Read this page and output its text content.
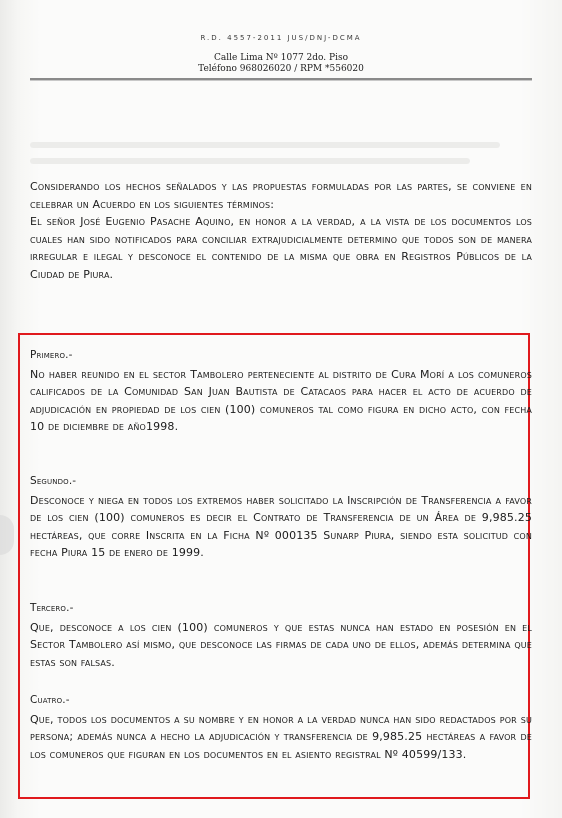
R.D. 4557-2011 JUS/DNJ-DCMA
Calle Lima Nº 1077 2do. Piso
Teléfono 968026020 / RPM *556020

Considerando los hechos señalados y las propuestas formuladas por las partes, se conviene en celebrar un Acuerdo en los siguientes términos:

El señor José Eugenio Pasache Aquino, en honor a la verdad, a la vista de los documentos los cuales han sido notificados para conciliar extrajudicialmente determino que todos son de manera irregular e ilegal y desconoce el contenido de la misma que obra en Registros Públicos de la Ciudad de Piura.

Primero.-

No haber reunido en el sector Tambolero perteneciente al distrito de Cura Morí a los comuneros calificados de la Comunidad San Juan Bautista de Catacaos para hacer el acto de acuerdo de adjudicación en propiedad de los cien (100) comuneros tal como figura en dicho acto, con fecha 10 de diciembre de año1998.

Segundo.-

Desconoce y niega en todos los extremos haber solicitado la Inscripción de Transferencia a favor de los cien (100) comuneros es decir el Contrato de Transferencia de un Área de 9,985.25 hectáreas, que corre Inscrita en la Ficha Nº 000135 Sunarp Piura, siendo esta solicitud con fecha Piura 15 de enero de 1999.

Tercero.-

Que, desconoce a los cien (100) comuneros y que estas nunca han estado en posesión en el Sector Tambolero así mismo, que desconoce las firmas de cada uno de ellos, además determina que estas son falsas.

Cuatro.-

Que, todos los documentos a su nombre y en honor a la verdad nunca han sido redactados por su persona; además nunca a hecho la adjudicación y transferencia de 9,985.25 hectáreas a favor de los comuneros que figuran en los documentos en el asiento registral Nº 40599/133.
